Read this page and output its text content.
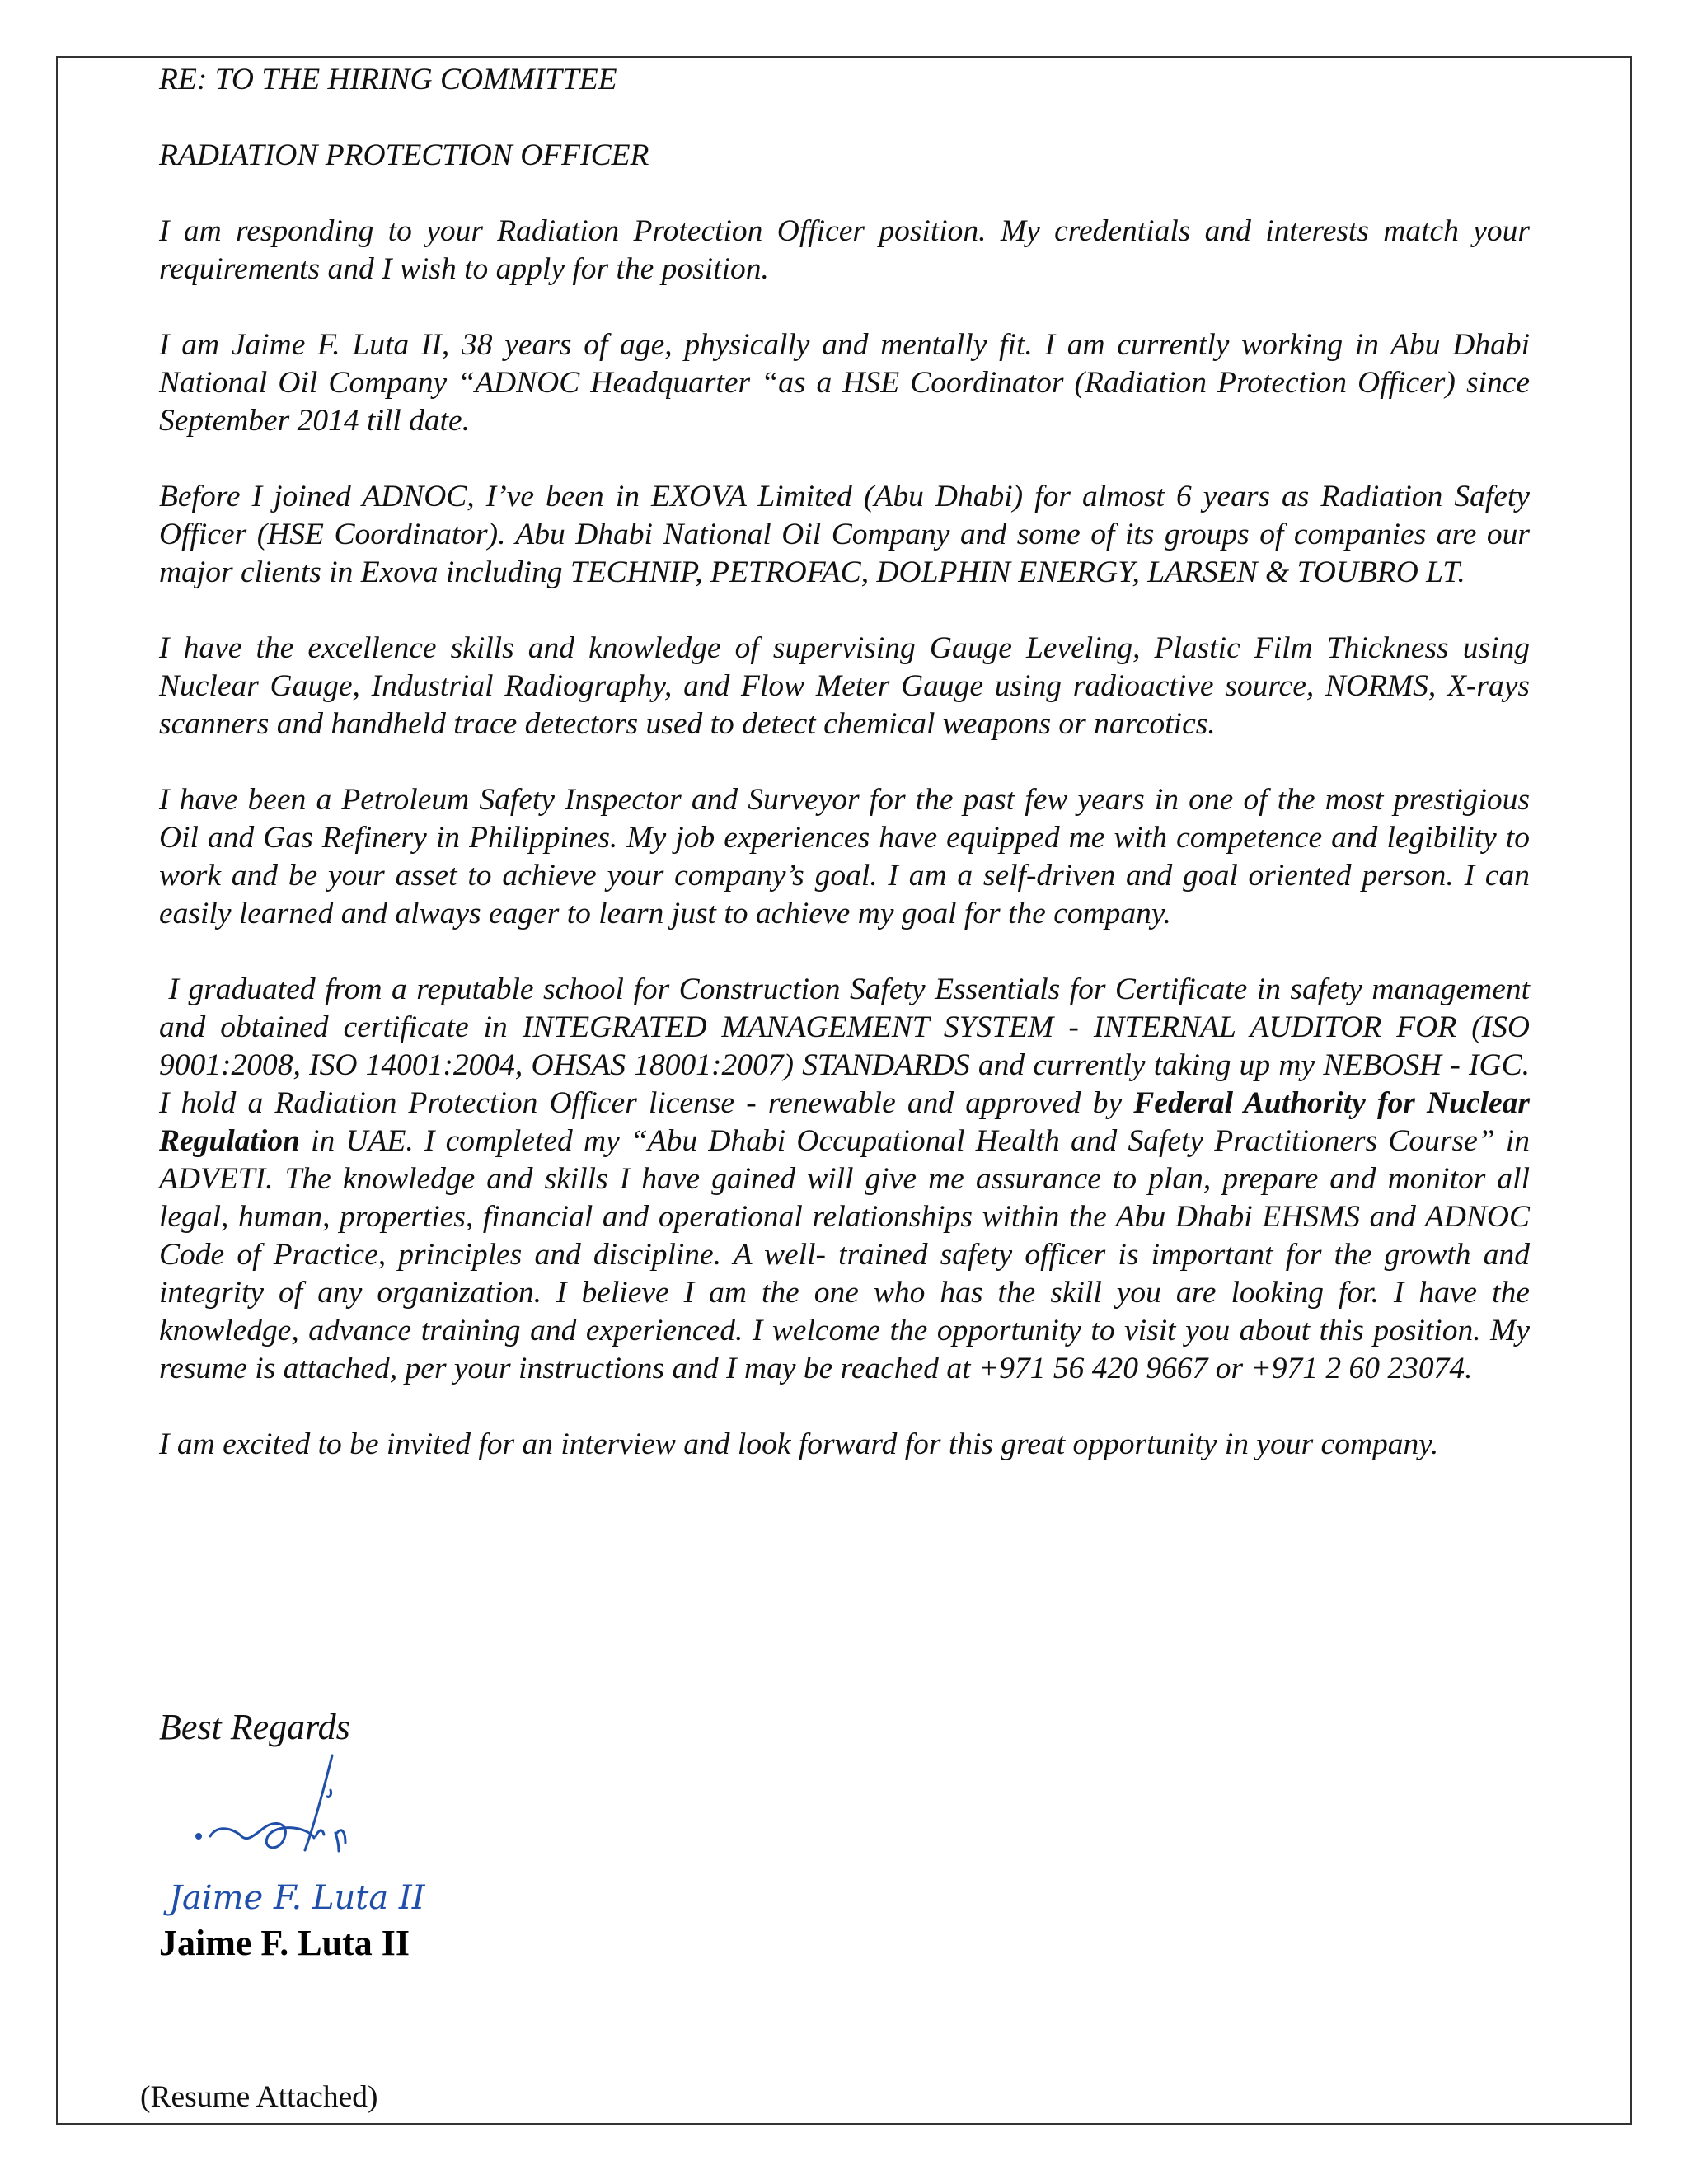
RE: TO THE HIRING COMMITTEE

RADIATION PROTECTION OFFICER

I am responding to your Radiation Protection Officer position. My credentials and interests match your requirements and I wish to apply for the position.

I am Jaime F. Luta II, 38 years of age, physically and mentally fit. I am currently working in Abu Dhabi National Oil Company “ADNOC Headquarter “as a HSE Coordinator (Radiation Protection Officer) since September 2014 till date.

Before I joined ADNOC, I’ve been in EXOVA Limited (Abu Dhabi) for almost 6 years as Radiation Safety Officer (HSE Coordinator). Abu Dhabi National Oil Company and some of its groups of companies are our major clients in Exova including TECHNIP, PETROFAC, DOLPHIN ENERGY, LARSEN & TOUBRO LT.

I have the excellence skills and knowledge of supervising Gauge Leveling, Plastic Film Thickness using Nuclear Gauge, Industrial Radiography, and Flow Meter Gauge using radioactive source, NORMS, X-rays scanners and handheld trace detectors used to detect chemical weapons or narcotics.

I have been a Petroleum Safety Inspector and Surveyor for the past few years in one of the most prestigious Oil and Gas Refinery in Philippines. My job experiences have equipped me with competence and legibility to work and be your asset to achieve your company’s goal. I am a self-driven and goal oriented person. I can easily learned and always eager to learn just to achieve my goal for the company.

I graduated from a reputable school for Construction Safety Essentials for Certificate in safety management and obtained certificate in INTEGRATED MANAGEMENT SYSTEM - INTERNAL AUDITOR FOR (ISO 9001:2008, ISO 14001:2004, OHSAS 18001:2007) STANDARDS and currently taking up my NEBOSH - IGC. I hold a Radiation Protection Officer license - renewable and approved by Federal Authority for Nuclear Regulation in UAE. I completed my “Abu Dhabi Occupational Health and Safety Practitioners Course” in ADVETI. The knowledge and skills I have gained will give me assurance to plan, prepare and monitor all legal, human, properties, financial and operational relationships within the Abu Dhabi EHSMS and ADNOC Code of Practice, principles and discipline. A well- trained safety officer is important for the growth and integrity of any organization. I believe I am the one who has the skill you are looking for. I have the knowledge, advance training and experienced. I welcome the opportunity to visit you about this position. My resume is attached, per your instructions and I may be reached at +971 56 420 9667 or +971 2 60 23074.

I am excited to be invited for an interview and look forward for this great opportunity in your company.

Best Regards
Jaime F. Luta II
Jaime F. Luta II
(Resume Attached)
